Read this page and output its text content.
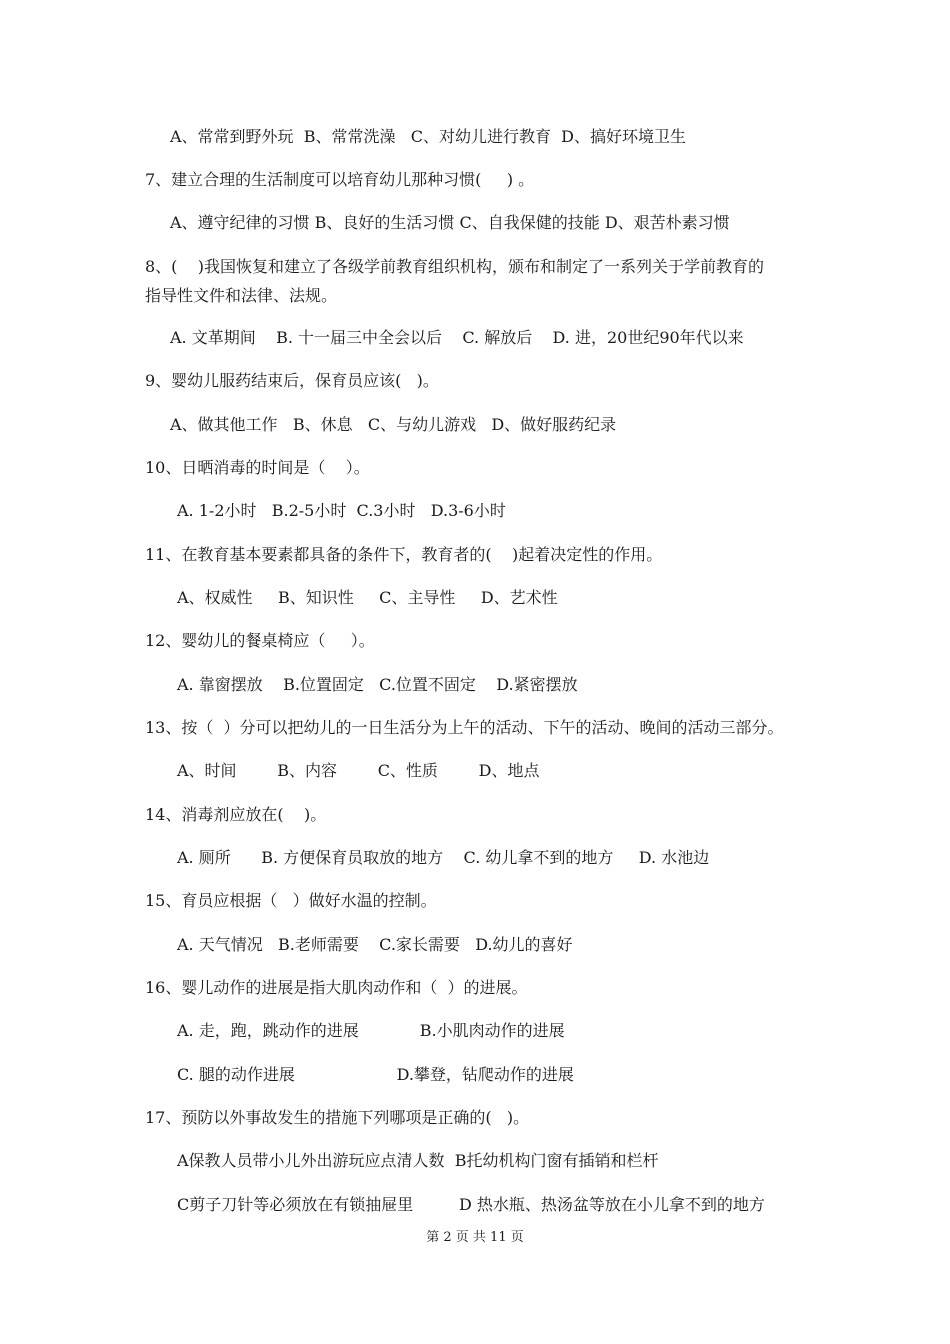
A、常常到野外玩  B、常常洗澡   C、对幼儿进行教育  D、搞好环境卫生
7、建立合理的生活制度可以培育幼儿那种习惯(     ) 。
A、遵守纪律的习惯 B、良好的生活习惯 C、自我保健的技能 D、艰苦朴素习惯
8、(    )我国恢复和建立了各级学前教育组织机构，颁布和制定了一系列关于学前教育的
指导性文件和法律、法规。
A. 文革期间    B. 十一届三中全会以后    C. 解放后    D. 进，20世纪90年代以来
9、婴幼儿服药结束后，保育员应该(   )。
A、做其他工作   B、休息   C、与幼儿游戏   D、做好服药纪录
10、日晒消毒的时间是（    ）。
A. 1-2小时   B.2-5小时  C.3小时   D.3-6小时
11、在教育基本要素都具备的条件下，教育者的(    )起着决定性的作用。
A、权威性     B、知识性     C、主导性     D、艺术性
12、婴幼儿的餐桌椅应（     ）。
A. 靠窗摆放    B.位置固定   C.位置不固定    D.紧密摆放
13、按（  ）分可以把幼儿的一日生活分为上午的活动、下午的活动、晚间的活动三部分。
A、时间        B、内容        C、性质        D、地点
14、消毒剂应放在(    )。
A. 厕所      B. 方便保育员取放的地方    C. 幼儿拿不到的地方     D. 水池边
15、育员应根据（   ）做好水温的控制。
A. 天气情况   B.老师需要    C.家长需要   D.幼儿的喜好
16、婴儿动作的进展是指大肌肉动作和（  ）的进展。
A. 走，跑，跳动作的进展            B.小肌肉动作的进展
C. 腿的动作进展                    D.攀登，钻爬动作的进展
17、预防以外事故发生的措施下列哪项是正确的(   )。
A保教人员带小儿外出游玩应点清人数  B托幼机构门窗有插销和栏杆
C剪子刀针等必须放在有锁抽屉里         D 热水瓶、热汤盆等放在小儿拿不到的地方
第 2 页 共 11 页
